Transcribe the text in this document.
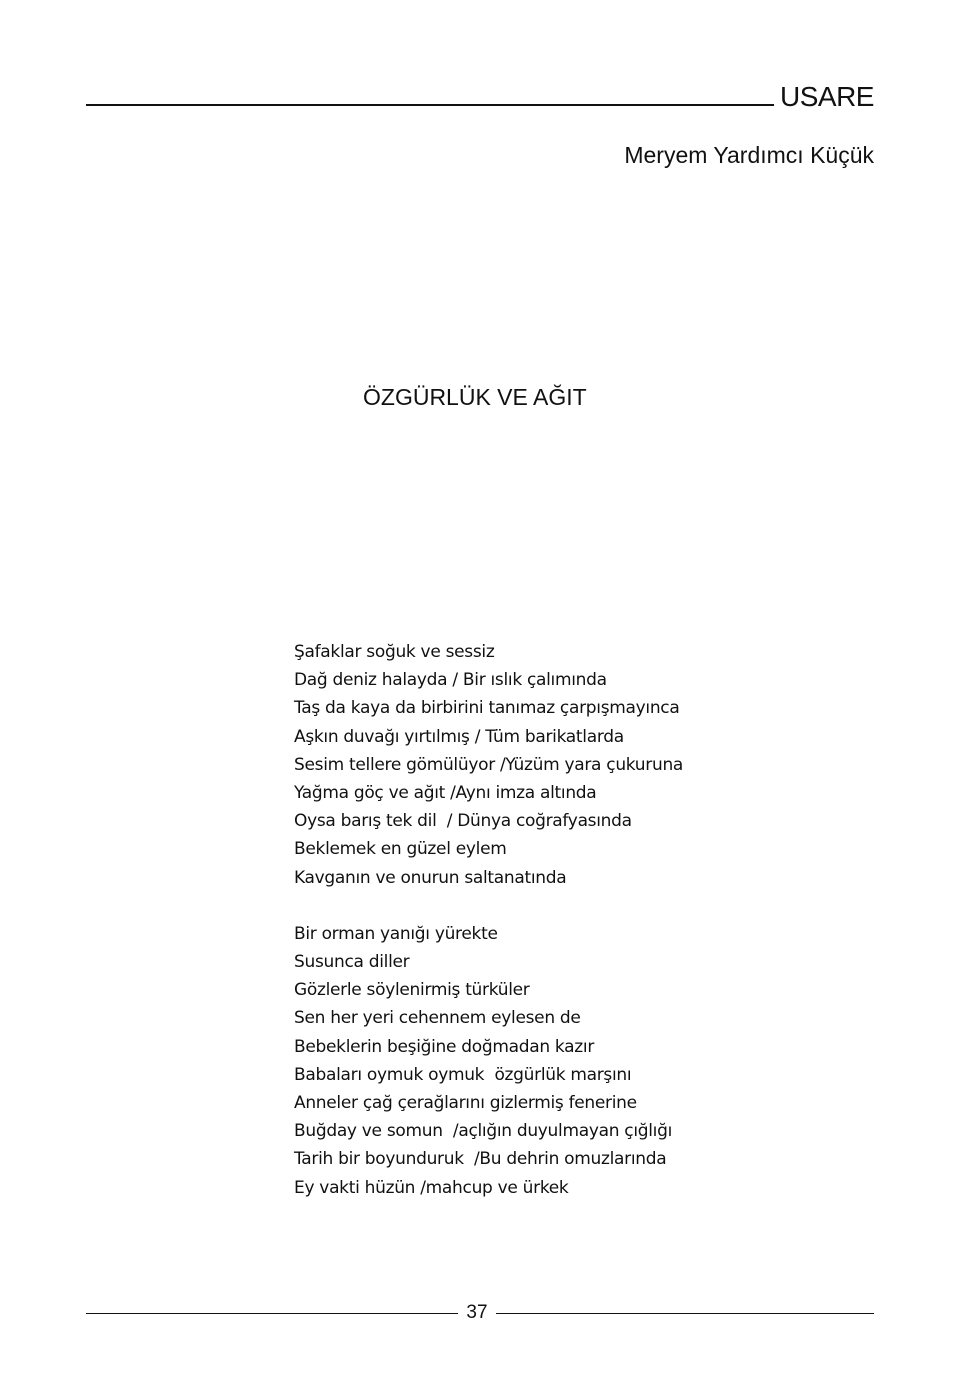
USARE
Meryem Yardımcı Küçük
ÖZGÜRLÜK VE AĞIT
Şafaklar soğuk ve sessiz
Dağ deniz halayda / Bir ıslık çalımında
Taş da kaya da birbirini tanımaz çarpışmayınca
Aşkın duvağı yırtılmış / Tüm barikatlarda
Sesim tellere gömülüyor /Yüzüm yara çukuruna
Yağma göç ve ağıt /Aynı imza altında
Oysa barış tek dil  / Dünya coğrafyasında
Beklemek en güzel eylem
Kavganın ve onurun saltanatında
Bir orman yanığı yürekte
Susunca diller
Gözlerle söylenirmiş türküler
Sen her yeri cehennem eylesen de
Bebeklerin beşiğine doğmadan kazır
Babaları oymuk oymuk  özgürlük marşını
Anneler çağ çerağlarını gizlermiş fenerine
Buğday ve somun  /açlığın duyulmayan çığlığı
Tarih bir boyunduruk  /Bu dehrin omuzlarında
Ey vakti hüzün /mahcup ve ürkek
37
